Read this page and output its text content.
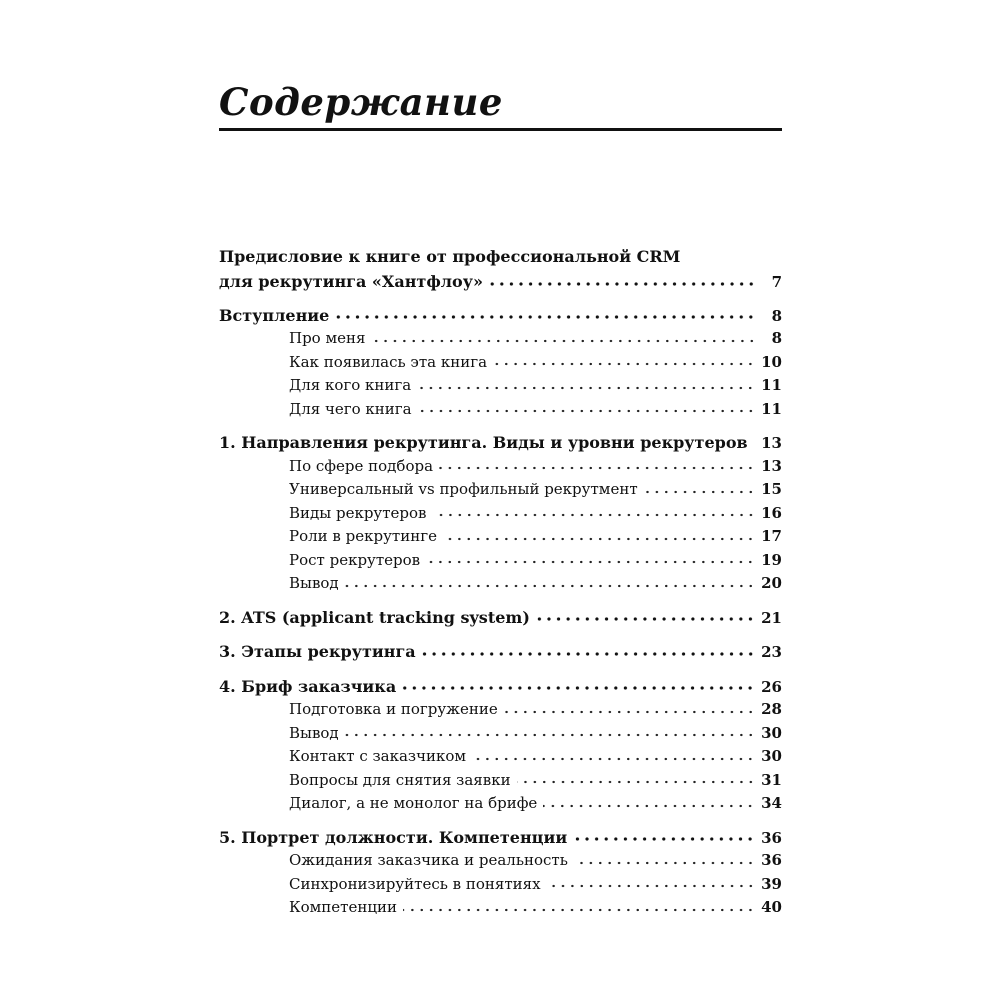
Содержание
Предисловие к книге от профессиональной CRM
для рекрутинга «Хантфлоу»	7
Вступление	8
Про меня	8
Как появилась эта книга	10
Для кого книга	11
Для чего книга	11
1. Направления рекрутинга. Виды и уровни рекрутеров 13
По сфере подбора	13
Универсальный vs профильный рекрутмент	15
Виды рекрутеров	16
Роли в рекрутинге	17
Рост рекрутеров	19
Вывод	20
2. ATS (applicant tracking system)	21
3. Этапы рекрутинга	23
4. Бриф заказчика	26
Подготовка и погружение	28
Вывод	30
Контакт с заказчиком	30
Вопросы для снятия заявки	31
Диалог, а не монолог на брифе	34
5. Портрет должности. Компетенции	36
Ожидания заказчика и реальность	36
Синхронизируйтесь в понятиях	39
Компетенции	40
